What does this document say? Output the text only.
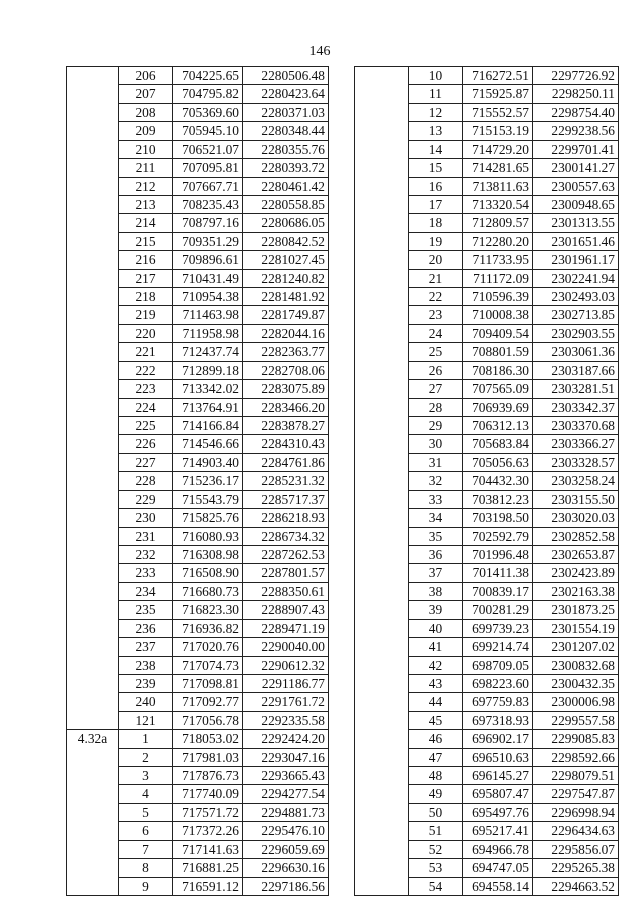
146
	206	704225.65	2280506.48
	207	704795.82	2280423.64
	208	705369.60	2280371.03
	209	705945.10	2280348.44
	210	706521.07	2280355.76
	211	707095.81	2280393.72
	212	707667.71	2280461.42
	213	708235.43	2280558.85
	214	708797.16	2280686.05
	215	709351.29	2280842.52
	216	709896.61	2281027.45
	217	710431.49	2281240.82
	218	710954.38	2281481.92
	219	711463.98	2281749.87
	220	711958.98	2282044.16
	221	712437.74	2282363.77
	222	712899.18	2282708.06
	223	713342.02	2283075.89
	224	713764.91	2283466.20
	225	714166.84	2283878.27
	226	714546.66	2284310.43
	227	714903.40	2284761.86
	228	715236.17	2285231.32
	229	715543.79	2285717.37
	230	715825.76	2286218.93
	231	716080.93	2286734.32
	232	716308.98	2287262.53
	233	716508.90	2287801.57
	234	716680.73	2288350.61
	235	716823.30	2288907.43
	236	716936.82	2289471.19
	237	717020.76	2290040.00
	238	717074.73	2290612.32
	239	717098.81	2291186.77
	240	717092.77	2291761.72
	121	717056.78	2292335.58
4.32a	1	718053.02	2292424.20
	2	717981.03	2293047.16
	3	717876.73	2293665.43
	4	717740.09	2294277.54
	5	717571.72	2294881.73
	6	717372.26	2295476.10
	7	717141.63	2296059.69
	8	716881.25	2296630.16
	9	716591.12	2297186.56
	10	716272.51	2297726.92
	11	715925.87	2298250.11
	12	715552.57	2298754.40
	13	715153.19	2299238.56
	14	714729.20	2299701.41
	15	714281.65	2300141.27
	16	713811.63	2300557.63
	17	713320.54	2300948.65
	18	712809.57	2301313.55
	19	712280.20	2301651.46
	20	711733.95	2301961.17
	21	711172.09	2302241.94
	22	710596.39	2302493.03
	23	710008.38	2302713.85
	24	709409.54	2302903.55
	25	708801.59	2303061.36
	26	708186.30	2303187.66
	27	707565.09	2303281.51
	28	706939.69	2303342.37
	29	706312.13	2303370.68
	30	705683.84	2303366.27
	31	705056.63	2303328.57
	32	704432.30	2303258.24
	33	703812.23	2303155.50
	34	703198.50	2303020.03
	35	702592.79	2302852.58
	36	701996.48	2302653.87
	37	701411.38	2302423.89
	38	700839.17	2302163.38
	39	700281.29	2301873.25
	40	699739.23	2301554.19
	41	699214.74	2301207.02
	42	698709.05	2300832.68
	43	698223.60	2300432.35
	44	697759.83	2300006.98
	45	697318.93	2299557.58
	46	696902.17	2299085.83
	47	696510.63	2298592.66
	48	696145.27	2298079.51
	49	695807.47	2297547.87
	50	695497.76	2296998.94
	51	695217.41	2296434.63
	52	694966.78	2295856.07
	53	694747.05	2295265.38
	54	694558.14	2294663.52
